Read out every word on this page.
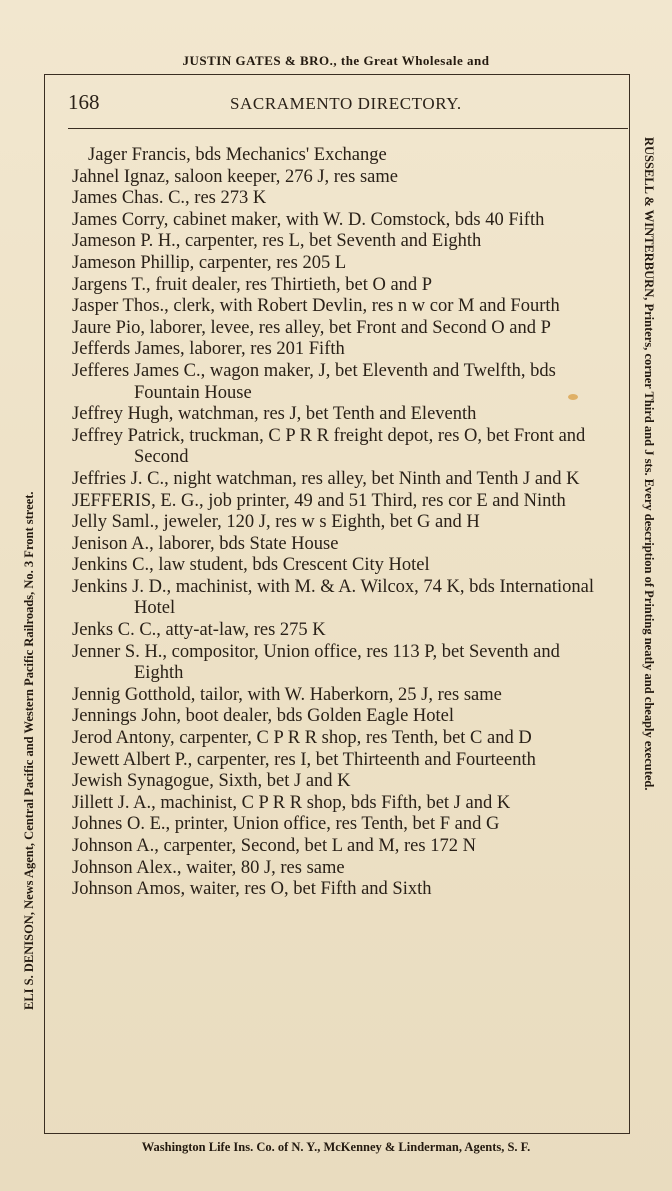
JUSTIN GATES & BRO., the Great Wholesale and
168	SACRAMENTO DIRECTORY.

Jager Francis, bds Mechanics' Exchange

Jahnel Ignaz, saloon keeper, 276 J, res same

James Chas. C., res 273 K

James Corry, cabinet maker, with W. D. Comstock, bds 40 Fifth

Jameson P. H., carpenter, res L, bet Seventh and Eighth

Jameson Phillip, carpenter, res 205 L

Jargens T., fruit dealer, res Thirtieth, bet O and P

Jasper Thos., clerk, with Robert Devlin, res n w cor M and Fourth

Jaure Pio, laborer, levee, res alley, bet Front and Second O and P

Jefferds James, laborer, res 201 Fifth

Jefferes James C., wagon maker, J, bet Eleventh and Twelfth, bds Fountain House

Jeffrey Hugh, watchman, res J, bet Tenth and Eleventh

Jeffrey Patrick, truckman, C P R R freight depot, res O, bet Front and Second

Jeffries J. C., night watchman, res alley, bet Ninth and Tenth J and K

JEFFERIS, E. G., job printer, 49 and 51 Third, res cor E and Ninth

Jelly Saml., jeweler, 120 J, res w s Eighth, bet G and H

Jenison A., laborer, bds State House

Jenkins C., law student, bds Crescent City Hotel

Jenkins J. D., machinist, with M. & A. Wilcox, 74 K, bds International Hotel

Jenks C. C., atty-at-law, res 275 K

Jenner S. H., compositor, Union office, res 113 P, bet Seventh and Eighth

Jennig Gotthold, tailor, with W. Haberkorn, 25 J, res same

Jennings John, boot dealer, bds Golden Eagle Hotel

Jerod Antony, carpenter, C P R R shop, res Tenth, bet C and D

Jewett Albert P., carpenter, res I, bet Thirteenth and Fourteenth

Jewish Synagogue, Sixth, bet J and K

Jillett J. A., machinist, C P R R shop, bds Fifth, bet J and K

Johnes O. E., printer, Union office, res Tenth, bet F and G

Johnson A., carpenter, Second, bet L and M, res 172 N

Johnson Alex., waiter, 80 J, res same

Johnson Amos, waiter, res O, bet Fifth and Sixth

ELI S. DENISON, News Agent, Central Pacific and Western Pacific Railroads, No. 3 Front street.	RUSSELL & WINTERBURN, Printers, corner Third and J sts. Every description of Printing neatly and cheaply executed.
Washington Life Ins. Co. of N. Y., McKenney & Linderman, Agents, S. F.
